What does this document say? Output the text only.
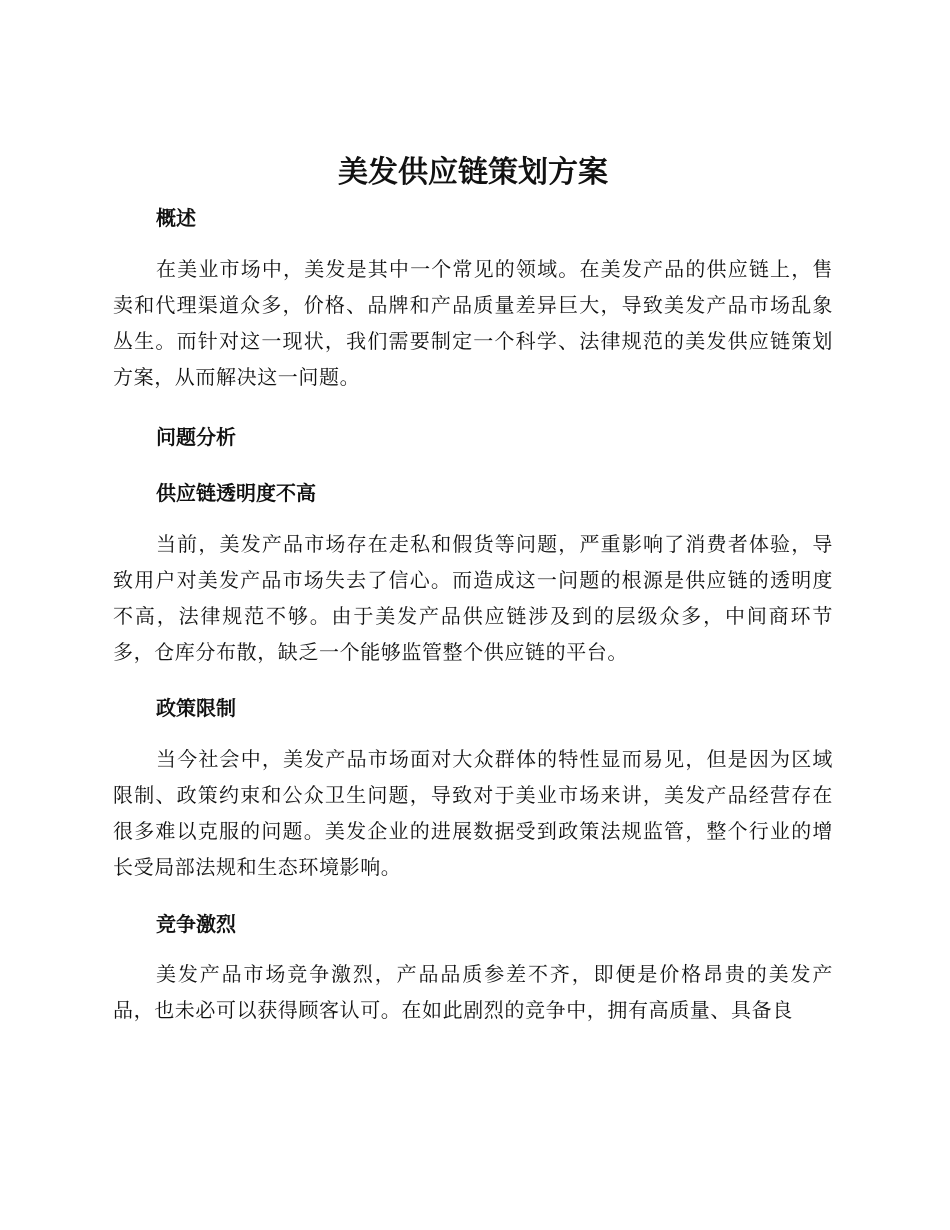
美发供应链策划方案
概述

在美业市场中，美发是其中一个常见的领域。在美发产品的供应链上，售卖和代理渠道众多，价格、品牌和产品质量差异巨大，导致美发产品市场乱象丛生。而针对这一现状，我们需要制定一个科学、法律规范的美发供应链策划方案，从而解决这一问题。

问题分析
供应链透明度不高

当前，美发产品市场存在走私和假货等问题，严重影响了消费者体验，导致用户对美发产品市场失去了信心。而造成这一问题的根源是供应链的透明度不高，法律规范不够。由于美发产品供应链涉及到的层级众多，中间商环节多，仓库分布散，缺乏一个能够监管整个供应链的平台。

政策限制

当今社会中，美发产品市场面对大众群体的特性显而易见，但是因为区域限制、政策约束和公众卫生问题，导致对于美业市场来讲，美发产品经营存在很多难以克服的问题。美发企业的进展数据受到政策法规监管，整个行业的增长受局部法规和生态环境影响。

竞争激烈

美发产品市场竞争激烈，产品品质参差不齐，即便是价格昂贵的美发产品，也未必可以获得顾客认可。在如此剧烈的竞争中，拥有高质量、具备良
